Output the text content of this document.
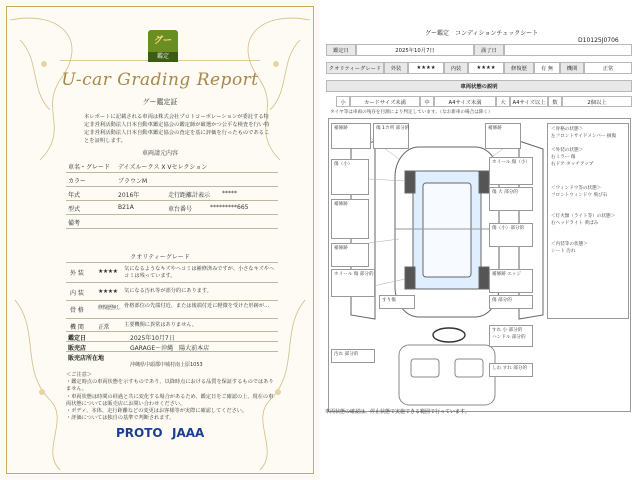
グー
鑑定
U-car Grading Report
グー鑑定証
本レポートに記載される車両は株式会社プロトコーポレーションが委託する特定非営利活動法人日本自動車鑑定協会の鑑定師が厳選かつ公平な検査を行い特定非営利活動法人日本自動車鑑定協会の査定を基に評価を行ったものであることを証明します。
車両請元内容
車名・グレード デイズルークス X Vセレクション
カラー	ブラウンM
年式	2016年	走行距離計表示 *****
型式	B21A	車台番号	*********665
備考
クオリティーグレード
外 装 ★★★★ 気になるようなキズやヘコミは補修済みですが、小さなキズやヘコミは残っています。
内 装 ★★★★ 気になる汚れ等が部分的にあります。
骨 格	修復歴無し 骨格部位の先端付近、または後端付近に軽微を受けた形跡が…
機 関 正常	主要機関に異常はありません。
鑑定日	2025年10月7日
販売店	GARAGE～沖縄　陽大前本店
販売店所在地
沖縄県中頭郡中城村南上原1053
＜ご注意＞
・鑑定時点の車両状態を示すものであり、以降時点における品質を保証するものではありません。
・車両状態は時間の経過と共に変化する場合があるため、鑑定日をご確認の上、現在の車両状態については販売店にお問い合わせください。
・ボディ、本体、走行距離などの変更はお客様等が実際に確認してください。
・評価については独自の基準で判断されます。
PROTO JAAA
グー鑑定　コンディションチェックシート
D10125J0706
鑑定日	2025年10月7日	満了日
クオリティーグレード	外装	★★★★	内装	★★★★	修復歴	有 無	機関	正常
車両状態の説明
小	カードサイズ未満	中	A4サイズ未満	大	A4サイズ以上	数	2個以上
タイヤ等は車両の残存を目測により判定しています。（なお新車の場合は除く）
補修跡	傷 1カ所 部分的	補修跡
傷（小）	ホイール 傷（小）
傷 大 部分的
補修跡
傷（小）部分的
補修跡
ホイール 傷 部分的	補修跡 エッジ
傷 部分的
すり傷
＜骨格の状態＞
左フロントサイドメンバー 損傷
＜外装の状態＞
右ミラー 傷
右ドア タッチアップ
＜ウィンドウ等の状態＞
フロントウィンドウ 飛び石
＜灯火類（ライト等）の状態＞
右ヘッドライト 黄ばみ
＜内装等の状態＞
シート 汚れ
すれ 小 部分的
ハンドル 部分的
汚れ 部分的
しわ すれ 部分的
車両状態の確認は、停止状態で実施できる範囲で行っています。
